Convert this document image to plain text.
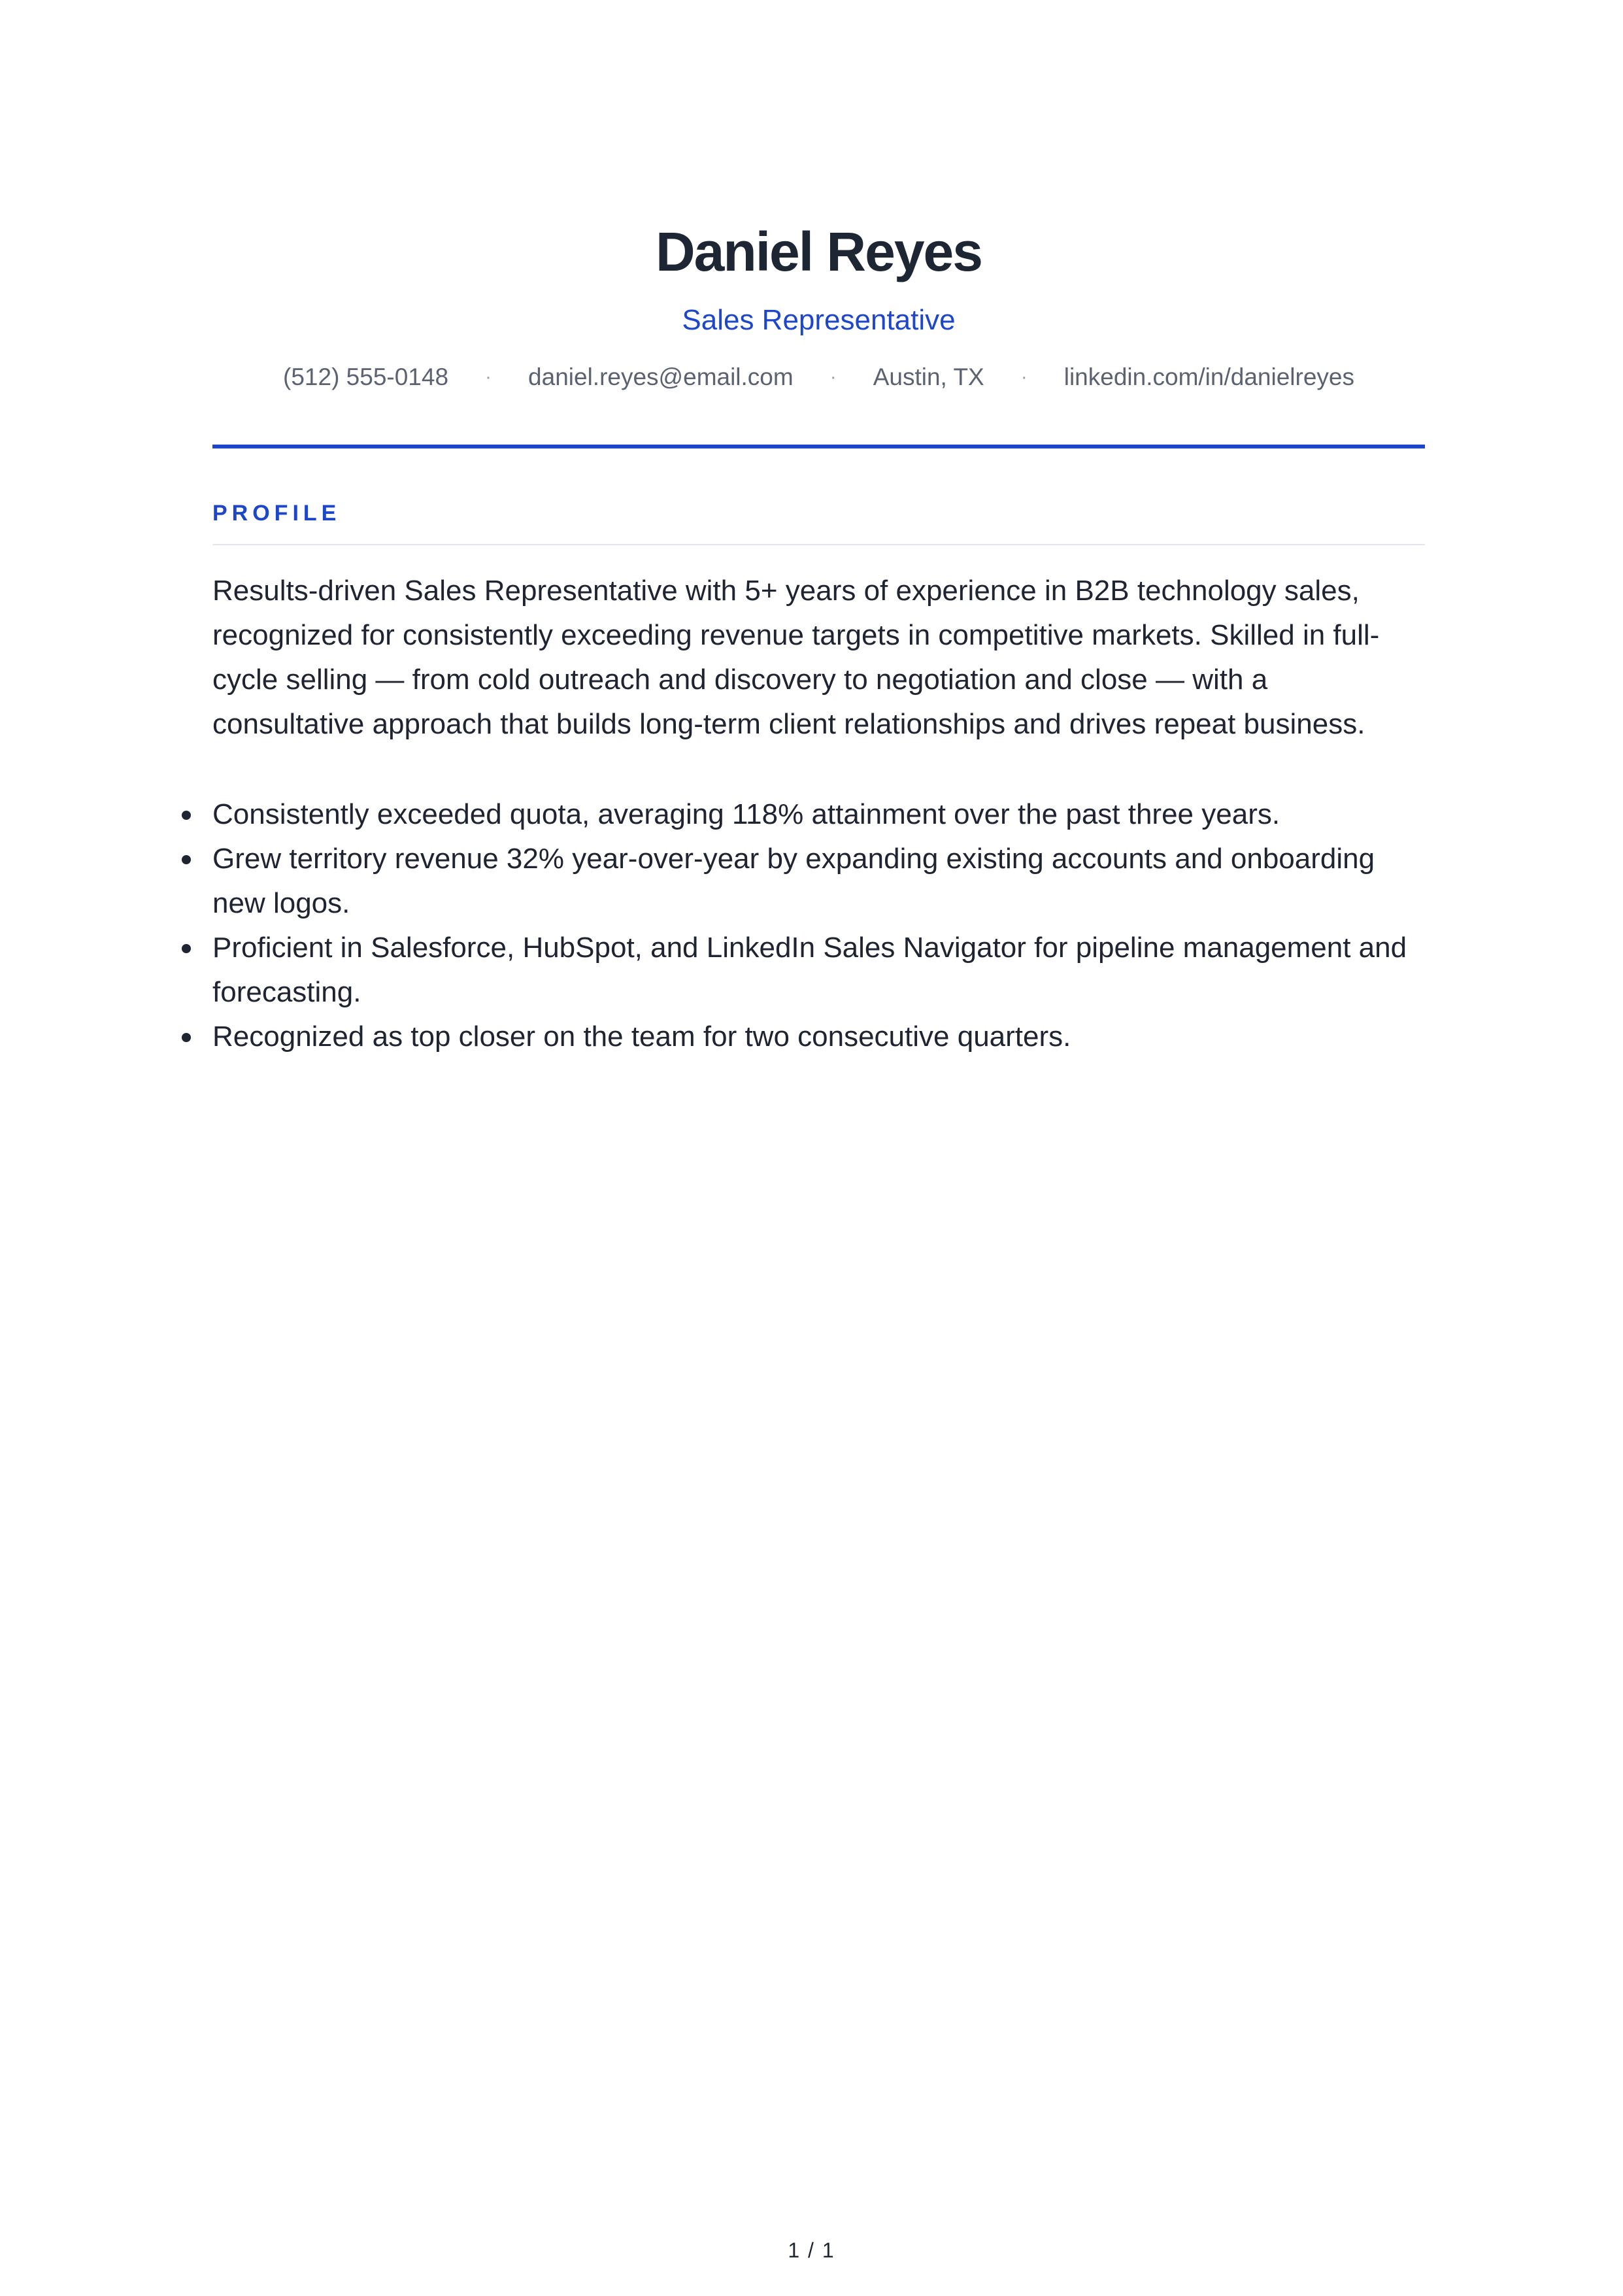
Daniel Reyes
Sales Representative
(512) 555-0148 · daniel.reyes@email.com · Austin, TX · linkedin.com/in/danielreyes
PROFILE

Results-driven Sales Representative with 5+ years of experience in B2B technology sales, recognized for consistently exceeding revenue targets in competitive markets. Skilled in full-cycle selling — from cold outreach and discovery to negotiation and close — with a consultative approach that builds long-term client relationships and drives repeat business.

Consistently exceeded quota, averaging 118% attainment over the past three years.
Grew territory revenue 32% year-over-year by expanding existing accounts and onboarding new logos.
Proficient in Salesforce, HubSpot, and LinkedIn Sales Navigator for pipeline management and forecasting.
Recognized as top closer on the team for two consecutive quarters.
1 / 1
